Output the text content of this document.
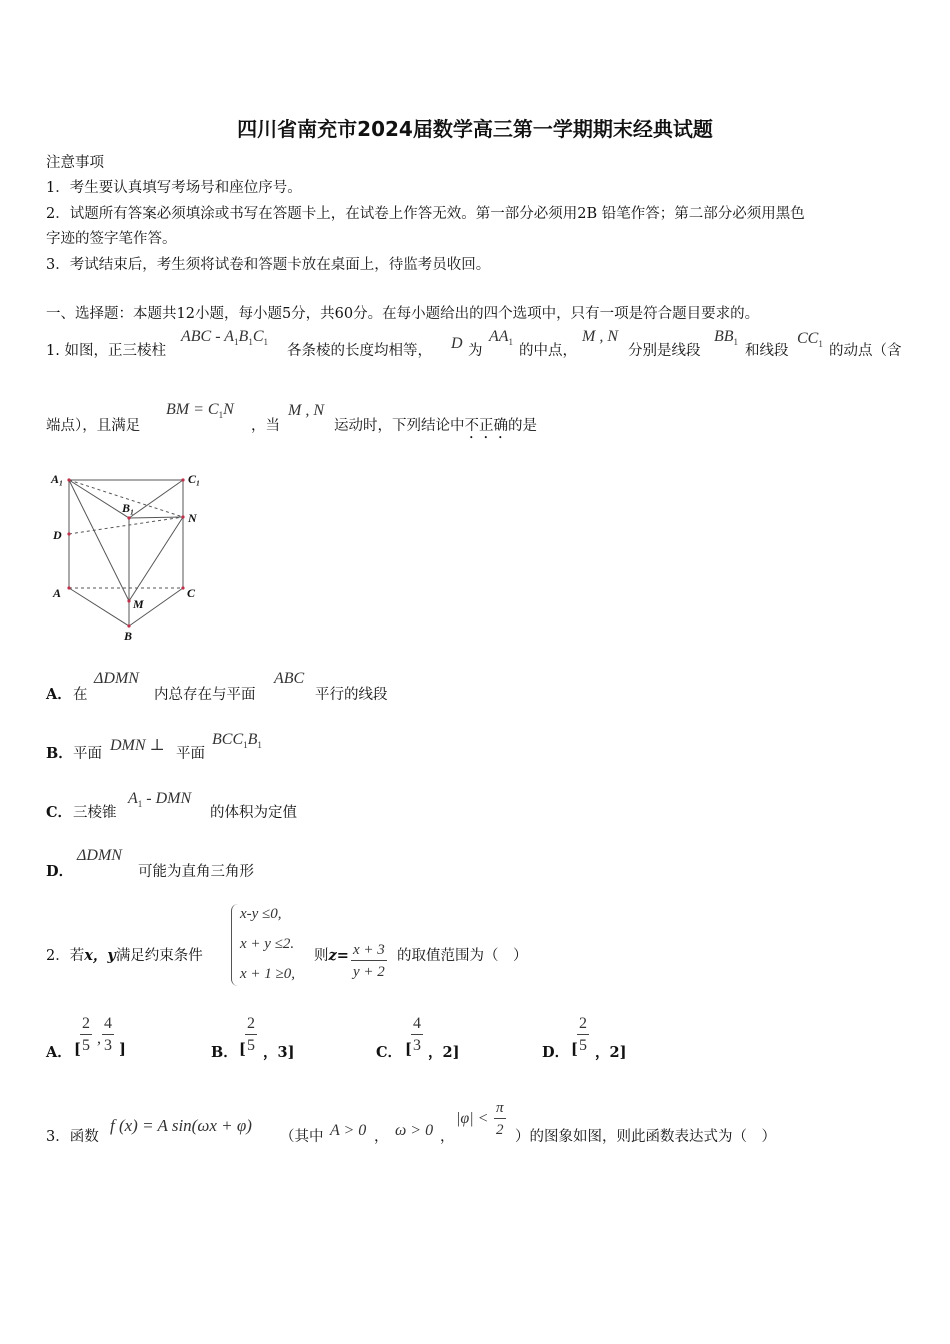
四川省南充市2024届数学高三第一学期期末经典试题
注意事项
1．考生要认真填写考场号和座位序号。
2．试题所有答案必须填涂或书写在答题卡上，在试卷上作答无效。第一部分必须用2B 铅笔作答；第二部分必须用黑色
字迹的签字笔作答。
3．考试结束后，考生须将试卷和答题卡放在桌面上，待监考员收回。
一、选择题：本题共12小题，每小题5分，共60分。在每小题给出的四个选项中，只有一项是符合题目要求的。
1. 如图，正三棱柱
ABC - $A_1B_1C_1$
各条棱的长度均相等， D 为
$AA_1$
的中点，
M , N
分别是线段
$BB_1$
和线段
$CC_1$ 的动点（含
端点），且满足
BM = $C_1N$
，当
M , N
运动时，下列结论中不正确的是
A₁	C₁
B₁
N
D
A
M
C
B
A． 在
ΔDMN
内总存在与平面
ABC
平行的线段
B． 平面 DMN ⊥ 平面
$BCC_1B_1$
C． 三棱锥
$A_1$ - DMN
的体积为定值
D．
ΔDMN
可能为直角三角形
2．若x，y满足约束条件
x-y ≤0,
x + y ≤2.
x + 1 ≥0,
则$z= \frac{x + 3}{y + 2}$ 的取值范围为（　）
A． [ $\frac{2}{5}$ , $\frac{4}{3}$ ]	B． [ $\frac{2}{5}$ ，3]	C． [ $\frac{4}{3}$ ，2]	D． [ $\frac{2}{5}$ ，2]
3．函数
f (x) = A sin(ωx + φ)
（其中 A > 0 ， ω > 0 ，
$|\varphi| < \frac{\pi}{2}$ ）的图象如图，则此函数表达式为（　）
